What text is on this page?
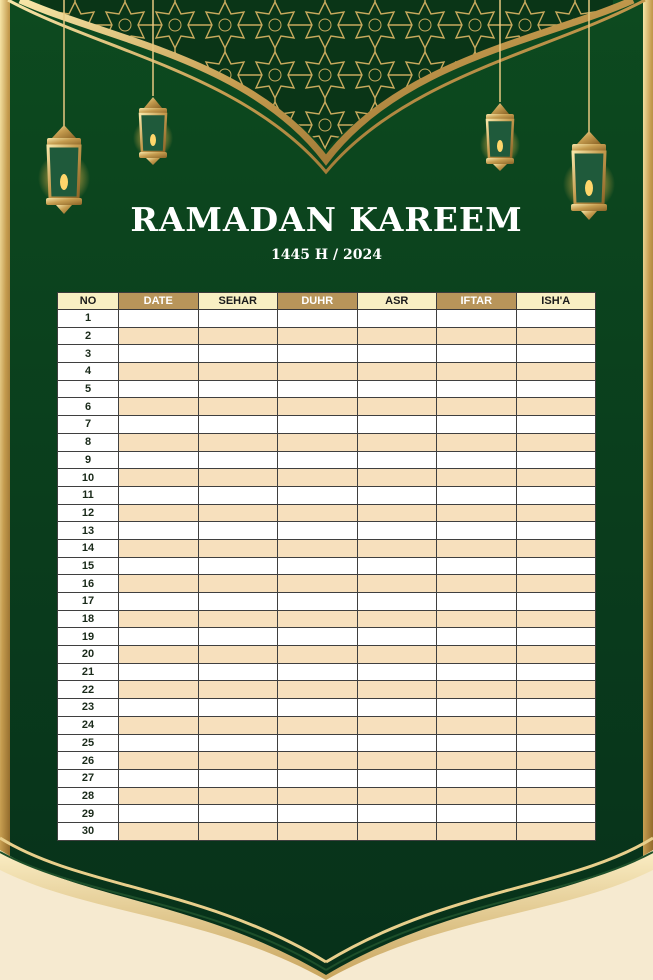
RAMADAN KAREEM
1445 H / 2024
NO	DATE	SEHAR	DUHR	ASR	IFTAR	ISH'A
1						
2						
3						
4						
5						
6						
7						
8						
9						
10						
11						
12						
13						
14						
15						
16						
17						
18						
19						
20						
21						
22						
23						
24						
25						
26						
27						
28						
29						
30						
